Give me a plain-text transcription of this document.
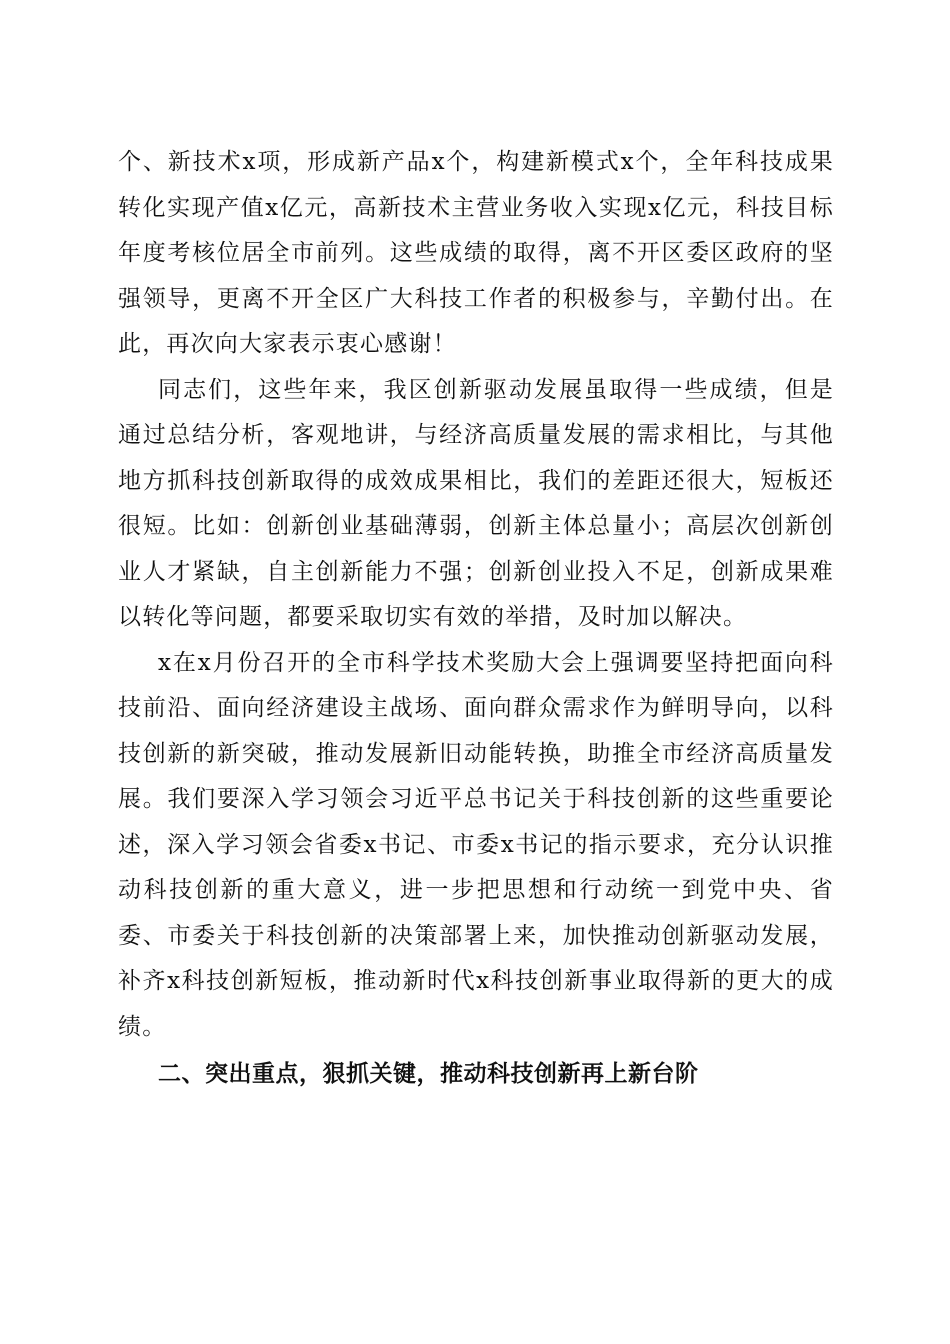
个、新技术x项，形成新产品x个，构建新模式x个，全年科技成果转化实现产值x亿元，高新技术主营业务收入实现x亿元，科技目标年度考核位居全市前列。这些成绩的取得，离不开区委区政府的坚强领导，更离不开全区广大科技工作者的积极参与，辛勤付出。在此，再次向大家表示衷心感谢！

同志们，这些年来，我区创新驱动发展虽取得一些成绩，但是通过总结分析，客观地讲，与经济高质量发展的需求相比，与其他地方抓科技创新取得的成效成果相比，我们的差距还很大，短板还很短。比如：创新创业基础薄弱，创新主体总量小；高层次创新创业人才紧缺，自主创新能力不强；创新创业投入不足，创新成果难以转化等问题，都要采取切实有效的举措，及时加以解决。

x在x月份召开的全市科学技术奖励大会上强调要坚持把面向科技前沿、面向经济建设主战场、面向群众需求作为鲜明导向，以科技创新的新突破，推动发展新旧动能转换，助推全市经济高质量发展。我们要深入学习领会习近平总书记关于科技创新的这些重要论述，深入学习领会省委x书记、市委x书记的指示要求，充分认识推动科技创新的重大意义，进一步把思想和行动统一到党中央、省委、市委关于科技创新的决策部署上来，加快推动创新驱动发展，补齐x科技创新短板，推动新时代x科技创新事业取得新的更大的成绩。

二、突出重点，狠抓关键，推动科技创新再上新台阶
